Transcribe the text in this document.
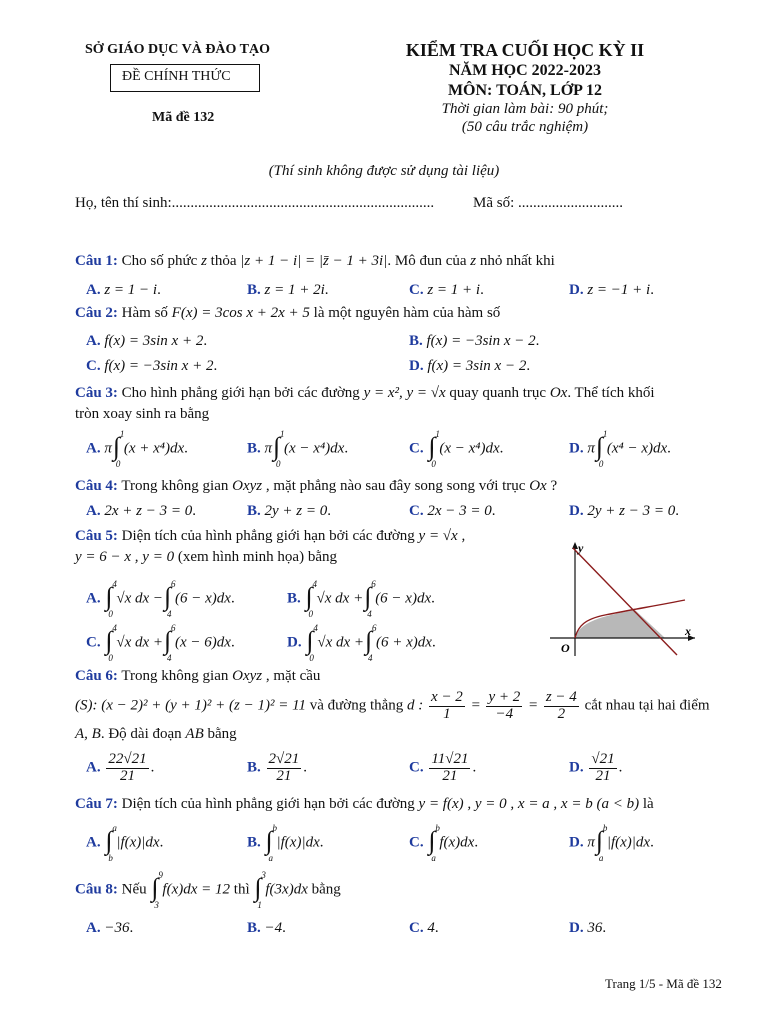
SỞ GIÁO DỤC VÀ ĐÀO TẠO
ĐỀ CHÍNH THỨC
Mã đề 132
KIỂM TRA CUỐI HỌC KỲ II
NĂM HỌC 2022-2023
MÔN: TOÁN, LỚP 12
Thời gian làm bài: 90 phút;
(50 câu trắc nghiệm)
(Thí sinh không được sử dụng tài liệu)
Họ, tên thí sinh:......................................................................	Mã số: ............................
Câu 1: Cho số phức z thỏa |z + 1 − i| = |z̄ − 1 + 3i|. Mô đun của z nhỏ nhất khi
A. z = 1 − i.	B. z = 1 + 2i.	C. z = 1 + i.	D. z = −1 + i.
Câu 2: Hàm số F(x) = 3cos x + 2x + 5 là một nguyên hàm của hàm số
A. f(x) = 3sin x + 2.	B. f(x) = −3sin x − 2.
C. f(x) = −3sin x + 2.	D. f(x) = 3sin x − 2.
Câu 3: Cho hình phẳng giới hạn bởi các đường y = x², y = √x quay quanh trục Ox. Thể tích khối
tròn xoay sinh ra bằng
A. π ∫ 1
0
(x + x⁴)dx.	B. π ∫ 1
0
(x − x⁴)dx.	C. ∫ 1
0
(x − x⁴)dx.	D. π ∫ 1
0
(x⁴ − x)dx.
Câu 4: Trong không gian Oxyz , mặt phẳng nào sau đây song song với trục Ox ?
A. 2x + z − 3 = 0.	B. 2y + z = 0.	C. 2x − 3 = 0.	D. 2y + z − 3 = 0.
Câu 5: Diện tích của hình phẳng giới hạn bởi các đường y = √x ,
y = 6 − x , y = 0 (xem hình minh họa) bằng
A. ∫ 4
0
√x dx − ∫ 6
4
(6 − x)dx.	B. ∫ 4
0
√x dx + ∫ 6
4
(6 − x)dx.
C. ∫ 4
0
√x dx + ∫ 6
4
(x − 6)dx.	D. ∫ 4
0
√x dx + ∫ 6
4
(6 + x)dx.
y
x
O
Câu 6: Trong không gian Oxyz , mặt cầu
(S): (x − 2)² + (y + 1)² + (z − 1)² = 11 và đường thẳng d : $\frac{x - 2}{1} = \frac{y + 2}{-4} = \frac{z - 4}{2}$ cắt nhau tại hai điểm
A, B. Độ dài đoạn AB bằng
A. $\frac{22√21}{21}$ .	B. $\frac{2√21}{21}$ .	C. $\frac{11√21}{21}$ .	D. $\frac{√21}{21}$ .
Câu 7: Diện tích của hình phẳng giới hạn bởi các đường y = f(x) , y = 0 , x = a , x = b (a < b) là
A. ∫ a
b
|f(x)|dx.	B. ∫ b
a
|f(x)|dx.	C. ∫ b
a
f(x)dx.	D. π ∫ b
a
|f(x)|dx.
Câu 8: Nếu ∫ 9
3
f(x)dx = 12 thì ∫ 3
1
f(3x)dx bằng
A. −36.	B. −4.	C. 4.	D. 36.
Trang 1/5 - Mã đề 132
